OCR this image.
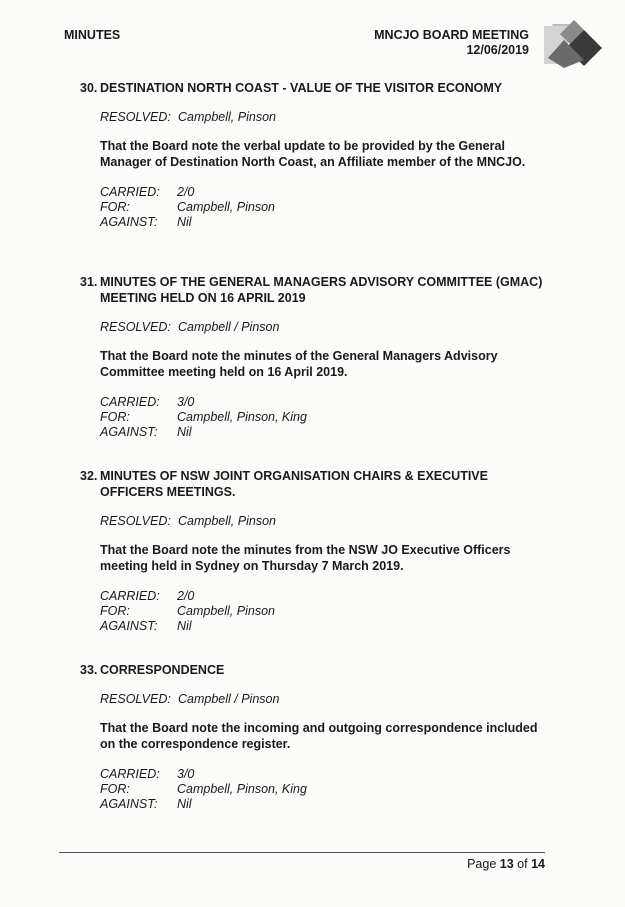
MINUTES	MNCJO BOARD MEETING
12/06/2019
30. DESTINATION NORTH COAST - VALUE OF THE VISITOR ECONOMY
RESOLVED: Campbell, Pinson
That the Board note the verbal update to be provided by the General Manager of Destination North Coast, an Affiliate member of the MNCJO.
CARRIED:	2/0
FOR:	Campbell, Pinson
AGAINST:	Nil
31. MINUTES OF THE GENERAL MANAGERS ADVISORY COMMITTEE (GMAC) MEETING HELD ON 16 APRIL 2019
RESOLVED: Campbell / Pinson
That the Board note the minutes of the General Managers Advisory Committee meeting held on 16 April 2019.
CARRIED:	3/0
FOR:	Campbell, Pinson, King
AGAINST:	Nil
32. MINUTES OF NSW JOINT ORGANISATION CHAIRS & EXECUTIVE OFFICERS MEETINGS.
RESOLVED: Campbell, Pinson
That the Board note the minutes from the NSW JO Executive Officers meeting held in Sydney on Thursday 7 March 2019.
CARRIED:	2/0
FOR:	Campbell, Pinson
AGAINST:	Nil
33. CORRESPONDENCE
RESOLVED: Campbell / Pinson
That the Board note the incoming and outgoing correspondence included on the correspondence register.
CARRIED:	3/0
FOR:	Campbell, Pinson, King
AGAINST:	Nil
Page 13 of 14
